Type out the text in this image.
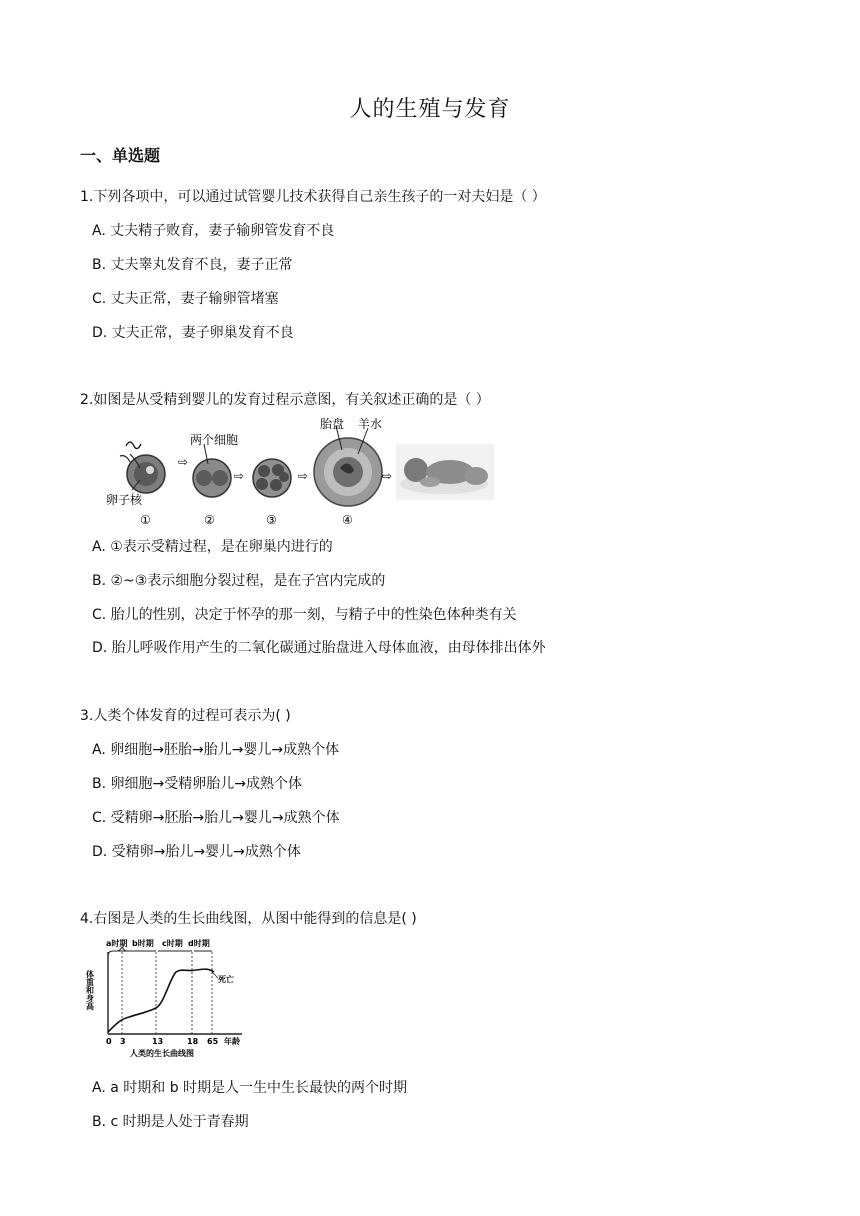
人的生殖与发育
一、单选题
1.下列各项中，可以通过试管婴儿技术获得自己亲生孩子的一对夫妇是（ ）
A. 丈夫精子败育，妻子输卵管发育不良
B. 丈夫睾丸发育不良，妻子正常
C. 丈夫正常，妻子输卵管堵塞
D. 丈夫正常，妻子卵巢发育不良
2.如图是从受精到婴儿的发育过程示意图，有关叙述正确的是（ ）
卵子核
①
⇨
两个细胞
②
⇨
③
⇨
胎盘 羊水
④
⇨
A. ①表示受精过程，是在卵巢内进行的
B. ②~③表示细胞分裂过程，是在子宫内完成的
C. 胎儿的性别，决定于怀孕的那一刻，与精子中的性染色体种类有关
D. 胎儿呼吸作用产生的二氧化碳通过胎盘进入母体血液，由母体排出体外
3.人类个体发育的过程可表示为( )
A. 卵细胞→胚胎→胎儿→婴儿→成熟个体
B. 卵细胞→受精卵胎儿→成熟个体
C. 受精卵→胚胎→胎儿→婴儿→成熟个体
D. 受精卵→胎儿→婴儿→成熟个体
4.右图是人类的生长曲线图，从图中能得到的信息是( )
a时期 b时期 c时期 d时期
死亡
体重和身高
0 3	13	18 65 年龄
人类的生长曲线图
A. a 时期和 b 时期是人一生中生长最快的两个时期
B. c 时期是人处于青春期
